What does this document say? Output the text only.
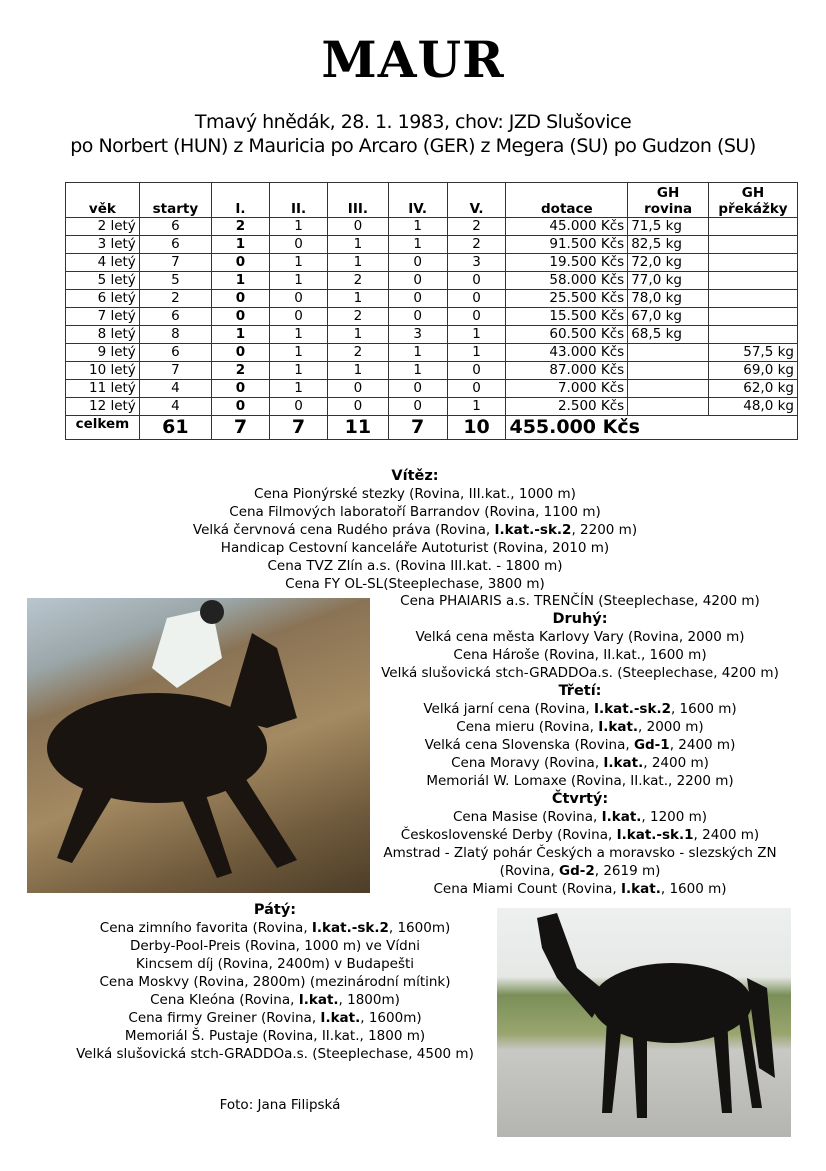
MAUR
Tmavý hnědák, 28. 1. 1983, chov: JZD Slušovice
po Norbert (HUN) z Mauricia po Arcaro (GER) z Megera (SU) po Gudzon (SU)
věk	starty	I.	II.	III.	IV.	V.	dotace	GH rovina	GH překážky
2 letý	6	2	1	0	1	2	45.000 Kčs	71,5 kg	
3 letý	6	1	0	1	1	2	91.500 Kčs	82,5 kg	
4 letý	7	0	1	1	0	3	19.500 Kčs	72,0 kg	
5 letý	5	1	1	2	0	0	58.000 Kčs	77,0 kg	
6 letý	2	0	0	1	0	0	25.500 Kčs	78,0 kg	
7 letý	6	0	0	2	0	0	15.500 Kčs	67,0 kg	
8 letý	8	1	1	1	3	1	60.500 Kčs	68,5 kg	
9 letý	6	0	1	2	1	1	43.000 Kčs		57,5 kg
10 letý	7	2	1	1	1	0	87.000 Kčs		69,0 kg
11 letý	4	0	1	0	0	0	7.000 Kčs		62,0 kg
12 letý	4	0	0	0	0	1	2.500 Kčs		48,0 kg
celkem	61	7	7	11	7	10	455.000 Kčs		
Vítěz:
Cena Pionýrské stezky (Rovina, III.kat., 1000 m)
Cena Filmových laboratoří Barrandov (Rovina, 1100 m)
Velká červnová cena Rudého práva (Rovina, I.kat.-sk.2, 2200 m)
Handicap Cestovní kanceláře Autoturist (Rovina, 2010 m)
Cena TVZ Zlín a.s. (Rovina III.kat. - 1800 m)
Cena FY OL-SL(Steeplechase, 3800 m)
Cena PHAIARIS a.s. TRENČÍN (Steeplechase, 4200 m)
Druhý:
Velká cena města Karlovy Vary (Rovina, 2000 m)
Cena Hároše (Rovina, II.kat., 1600 m)
Velká slušovická stch-GRADDOa.s. (Steeplechase, 4200 m)
Třetí:
Velká jarní cena (Rovina, I.kat.-sk.2, 1600 m)
Cena mieru (Rovina, I.kat., 2000 m)
Velká cena Slovenska (Rovina, Gd-1, 2400 m)
Cena Moravy (Rovina, I.kat., 2400 m)
Memoriál W. Lomaxe (Rovina, II.kat., 2200 m)
Čtvrtý:
Cena Masise (Rovina, I.kat., 1200 m)
Československé Derby (Rovina, I.kat.-sk.1, 2400 m)
Amstrad - Zlatý pohár Českých a moravsko - slezských ZN
(Rovina, Gd-2, 2619 m)
Cena Miami Count (Rovina, I.kat., 1600 m)
Pátý:
Cena zimního favorita (Rovina, I.kat.-sk.2, 1600m)
Derby-Pool-Preis (Rovina, 1000 m) ve Vídni
Kincsem díj (Rovina, 2400m) v Budapešti
Cena Moskvy (Rovina, 2800m) (mezinárodní mítink)
Cena Kleóna (Rovina, I.kat., 1800m)
Cena firmy Greiner (Rovina, I.kat., 1600m)
Memoriál Š. Pustaje (Rovina, II.kat., 1800 m)
Velká slušovická stch-GRADDOa.s. (Steeplechase, 4500 m)
Foto: Jana Filipská
